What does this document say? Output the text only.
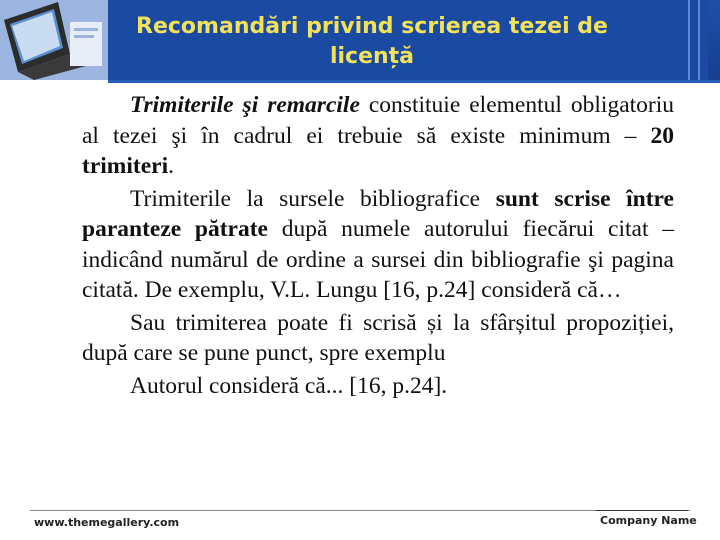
Recomandări privind scrierea tezei de licență

Trimiterile şi remarcile constituie elementul obligatoriu al tezei şi în cadrul ei trebuie să existe minimum – 20 trimiteri.

Trimiterile la sursele bibliografice sunt scrise între paranteze pătrate după numele autorului fiecărui citat – indicând numărul de ordine a sursei din bibliografie şi pagina citată. De exemplu, V.L. Lungu [16, p.24] consideră că…

Sau trimiterea poate fi scrisă și la sfârșitul propoziției, după care se pune punct, spre exemplu

Autorul consideră că... [16, p.24].

www.themegallery.com	Company Name
